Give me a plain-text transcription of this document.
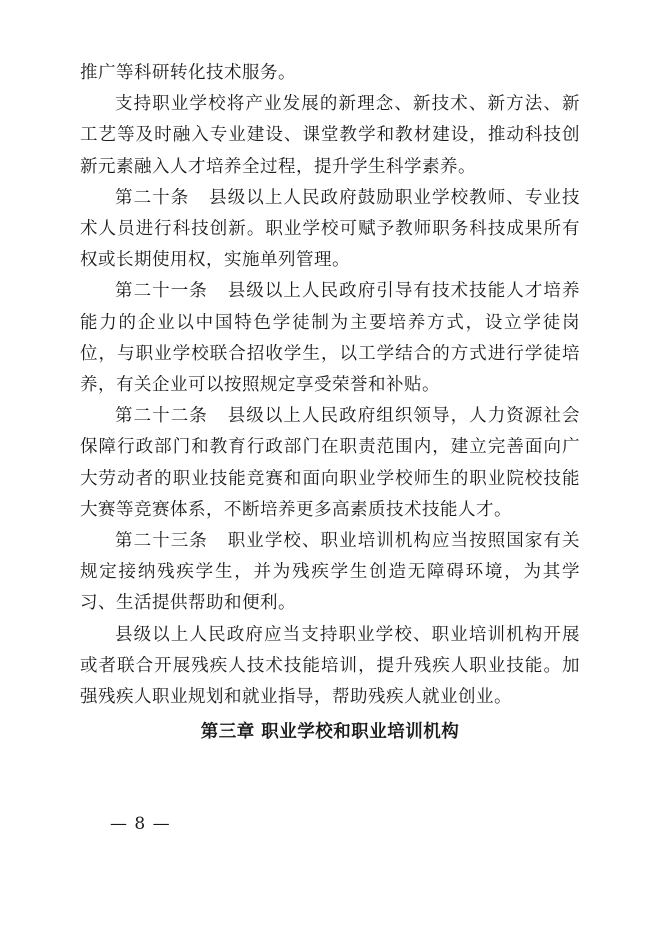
推广等科研转化技术服务。

支持职业学校将产业发展的新理念、新技术、新方法、新工艺等及时融入专业建设、课堂教学和教材建设，推动科技创新元素融入人才培养全过程，提升学生科学素养。

第二十条 县级以上人民政府鼓励职业学校教师、专业技术人员进行科技创新。职业学校可赋予教师职务科技成果所有权或长期使用权，实施单列管理。

第二十一条 县级以上人民政府引导有技术技能人才培养能力的企业以中国特色学徒制为主要培养方式，设立学徒岗位，与职业学校联合招收学生，以工学结合的方式进行学徒培养，有关企业可以按照规定享受荣誉和补贴。

第二十二条 县级以上人民政府组织领导，人力资源社会保障行政部门和教育行政部门在职责范围内，建立完善面向广大劳动者的职业技能竞赛和面向职业学校师生的职业院校技能大赛等竞赛体系，不断培养更多高素质技术技能人才。

第二十三条 职业学校、职业培训机构应当按照国家有关规定接纳残疾学生，并为残疾学生创造无障碍环境，为其学习、生活提供帮助和便利。

县级以上人民政府应当支持职业学校、职业培训机构开展或者联合开展残疾人技术技能培训，提升残疾人职业技能。加强残疾人职业规划和就业指导，帮助残疾人就业创业。

第三章 职业学校和职业培训机构
— 8 —
